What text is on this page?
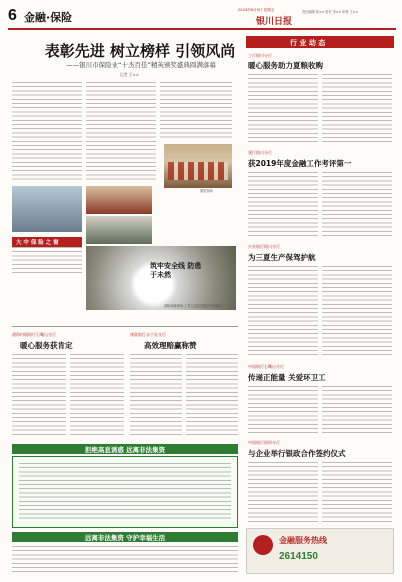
6 金融·保险
2024年8月9日 星期五
银川日报
责任编辑 张×× 校对 李×× 审核 王××
表彰先进 树立榜样 引领风尚
——银川市保险业“十杰百佳”精英颁奖盛典圆满落幕
记者 王××
颁奖现场
大 中 保 险 之 窗
筑牢安全线 防患于未然
消防演练现场 工作人员正在进行灭火演示
行 业 动 态
工行银川分行
暖心服务助力夏粮收购
建行银川分行
获2019年度金融工作考评第一
兴业银行银川分行
为三夏生产保驾护航
中国银行石嘴山分行
传递正能量 关爱环卫工
中国银行固原分行
与企业举行银政合作签约仪式
金融服务热线
2614150
渤海村镇银行石嘴山分行
暖心服务获肯定
康富银行永宁县支行
高效理赔赢称赞
拒绝高息诱惑 远离非法集资
远离非法集资 守护幸福生活
